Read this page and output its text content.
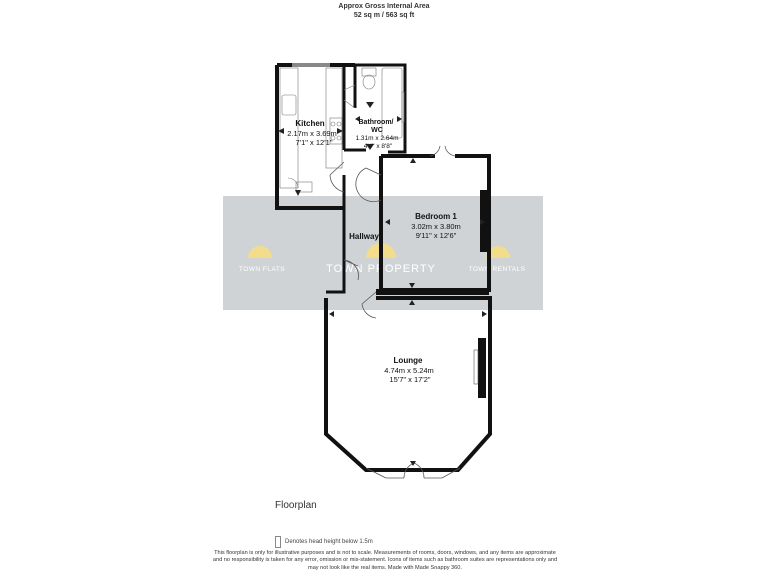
Approx Gross Internal Area
52 sq m / 563 sq ft
TOWN FLATS	TOWN PROPERTY	TOWN RENTALS
Kitchen
2.17m x 3.69m
7'1" x 12'1"
Bathroom/
WC
1.31m x 2.64m
4'4" x 8'8"
Bedroom 1
3.02m x 3.80m
9'11" x 12'6"
Hallway
Lounge
4.74m x 5.24m
15'7" x 17'2"
Floorplan
Denotes head height below 1.5m
This floorplan is only for illustrative purposes and is not to scale. Measurements of rooms, doors, windows, and any items are approximate
and no responsibility is taken for any error, omission or mis-statement. Icons of items such as bathroom suites are representations only and
may not look like the real items. Made with Made Snappy 360.
